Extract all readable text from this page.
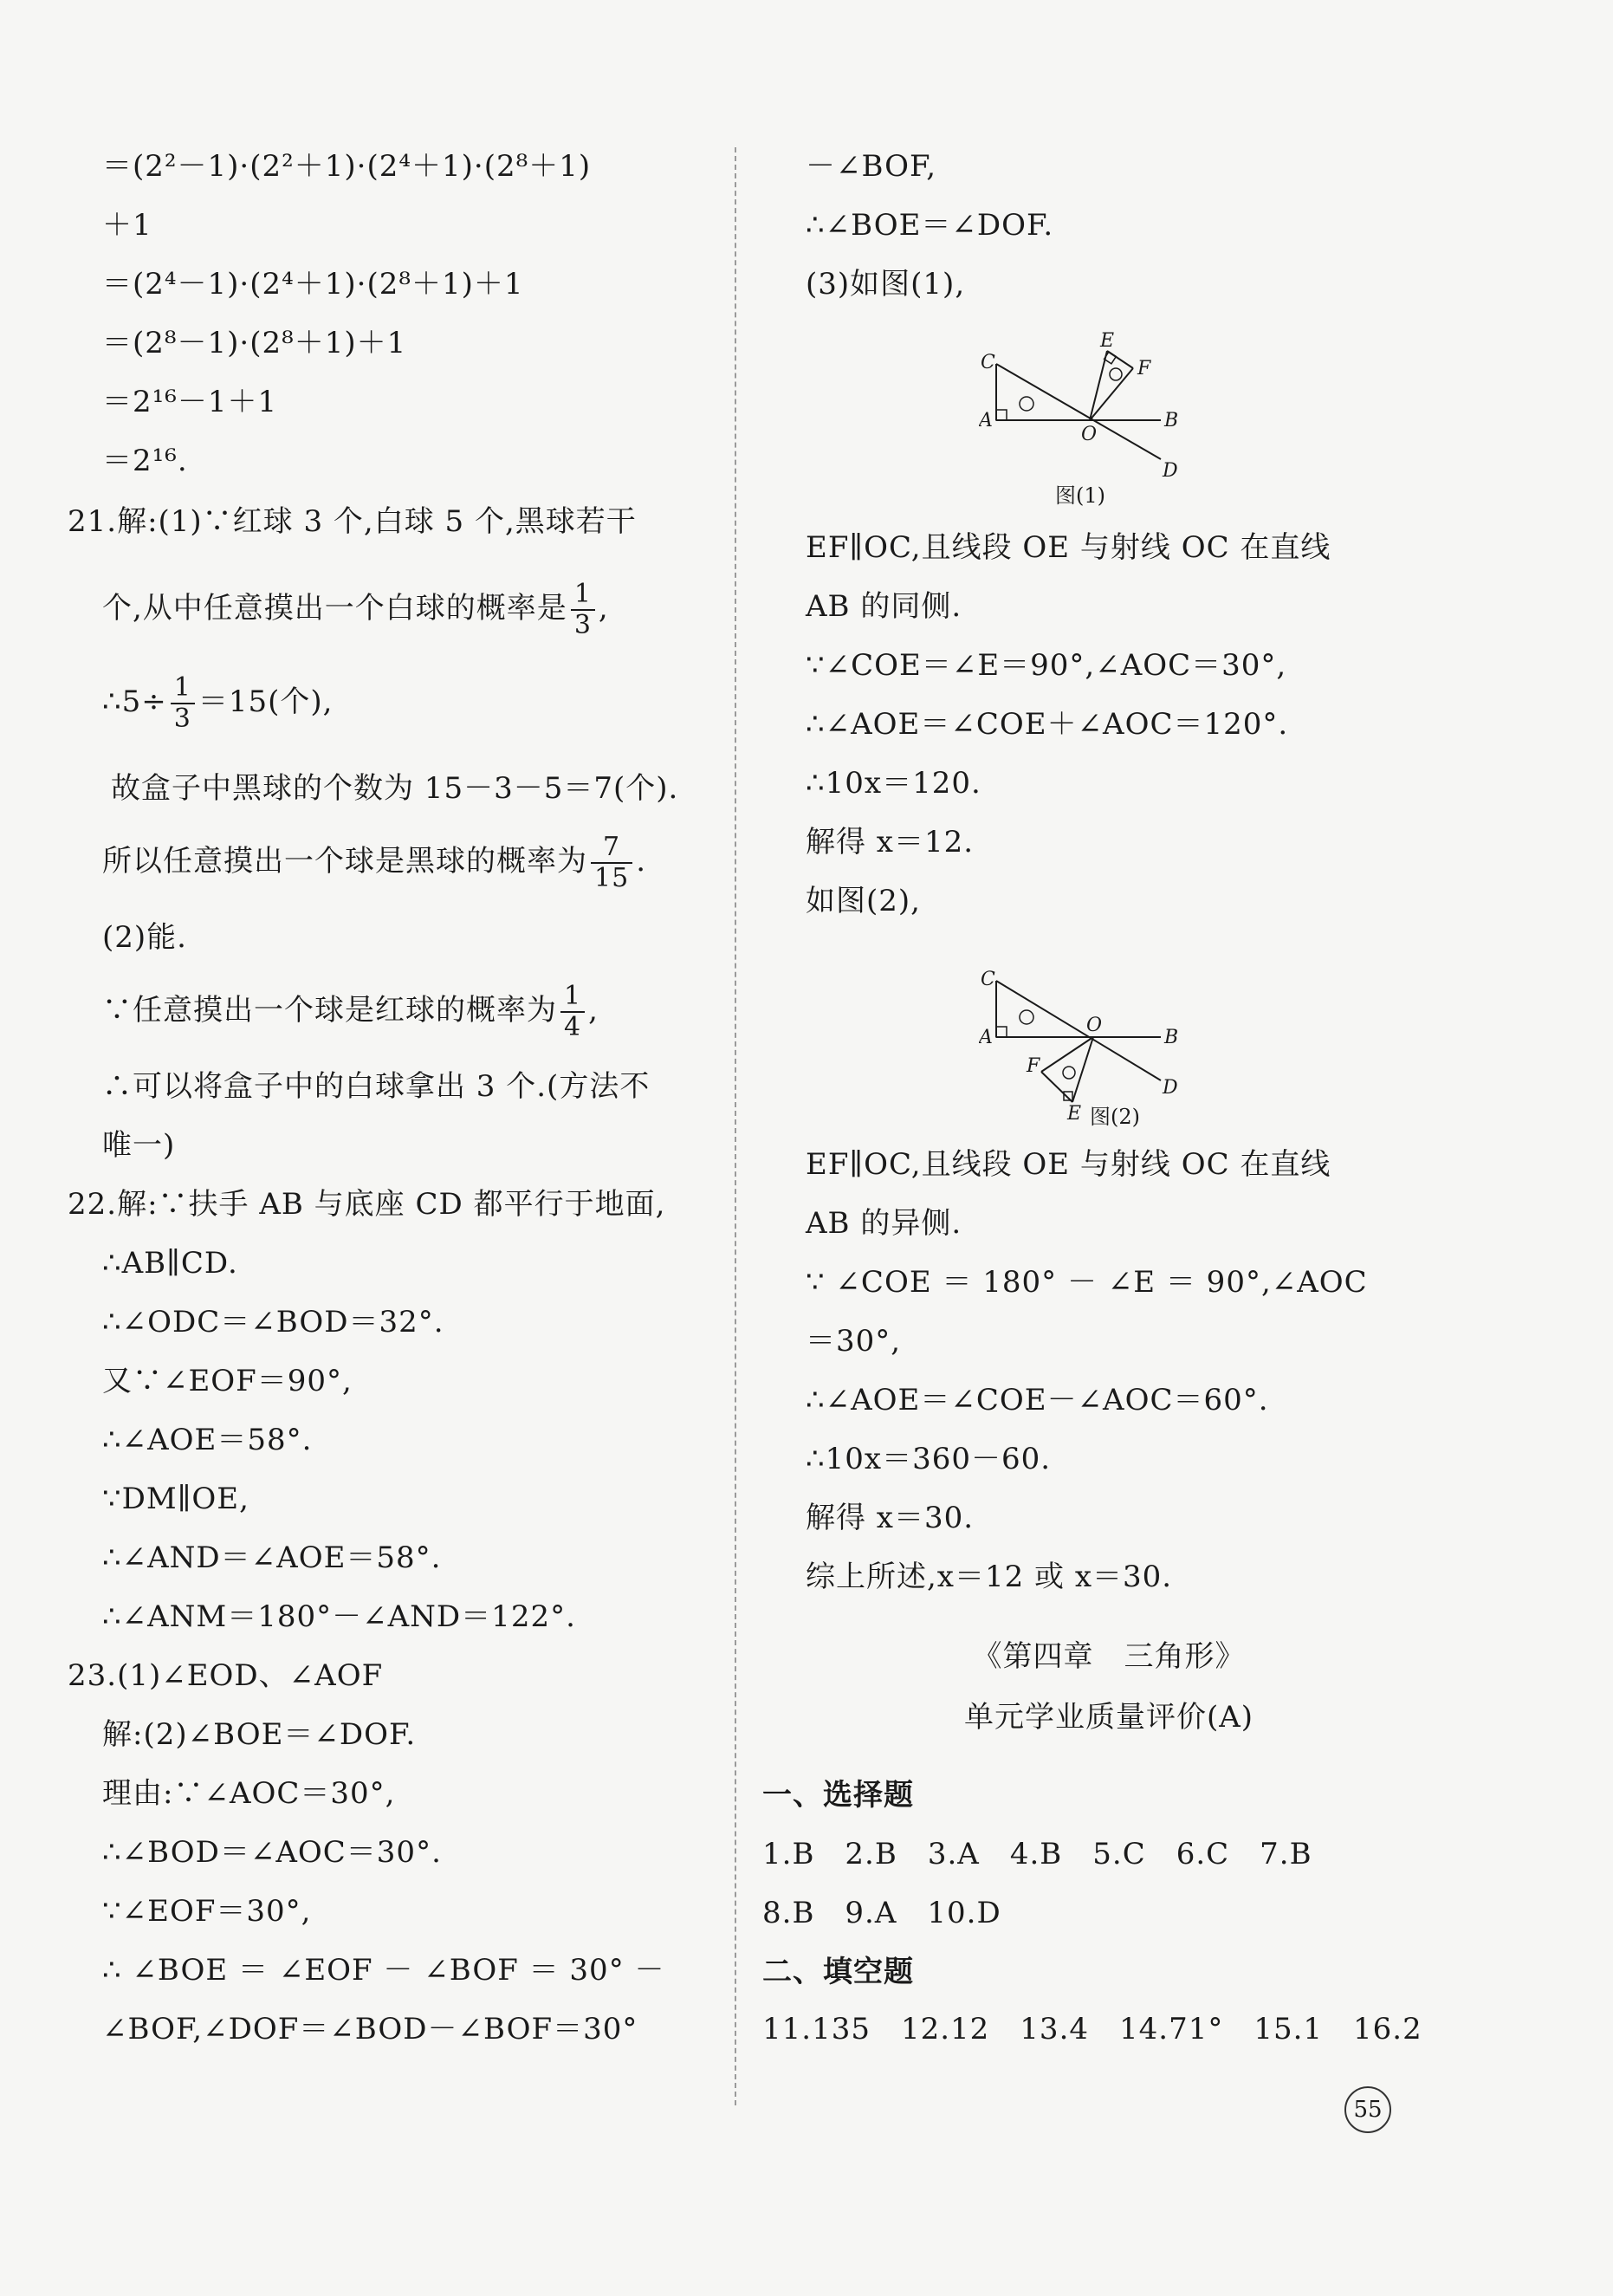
＝(2²－1)·(2²＋1)·(2⁴＋1)·(2⁸＋1)
＋1
＝(2⁴－1)·(2⁴＋1)·(2⁸＋1)＋1
＝(2⁸－1)·(2⁸＋1)＋1
＝2¹⁶－1＋1
＝2¹⁶.
21.解:(1)∵红球 3 个,白球 5 个,黑球若干
个,从中任意摸出一个白球的概率是 $\frac{1}{3}$ ,
∴5÷ $\frac{1}{3} =15$(个),
故盒子中黑球的个数为 15－3－5＝7(个).
所以任意摸出一个球是黑球的概率为 $\frac{7}{15}$ .
(2)能.
∵任意摸出一个球是红球的概率为 $\frac{1}{4}$ ,
∴可以将盒子中的白球拿出 3 个.(方法不
唯一)
22.解:∵扶手 AB 与底座 CD 都平行于地面,
∴AB∥CD.
∴∠ODC＝∠BOD＝32°.
又∵∠EOF＝90°,
∴∠AOE＝58°.
∵DM∥OE,
∴∠AND＝∠AOE＝58°.
∴∠ANM＝180°－∠AND＝122°.
23.(1)∠EOD、∠AOF
解:(2)∠BOE＝∠DOF.
理由:∵∠AOC＝30°,
∴∠BOD＝∠AOC＝30°.
∵∠EOF＝30°,
∴ ∠BOE ＝ ∠EOF － ∠BOF ＝ 30° －
∠BOF,∠DOF＝∠BOD－∠BOF＝30°
－∠BOF,
∴∠BOE＝∠DOF.
(3)如图(1),
C
A
O
B
D
E
F
图(1)
EF∥OC,且线段 OE 与射线 OC 在直线
AB 的同侧.
∵∠COE＝∠E＝90°,∠AOC＝30°,
∴∠AOE＝∠COE＋∠AOC＝120°.
∴10x＝120.
解得 x＝12.
如图(2),
C
A
O
B
D
E
F
图(2)
EF∥OC,且线段 OE 与射线 OC 在直线
AB 的异侧.
∵ ∠COE ＝ 180° － ∠E ＝ 90°,∠AOC
＝30°,
∴∠AOE＝∠COE－∠AOC＝60°.
∴10x＝360－60.
解得 x＝30.
综上所述,x＝12 或 x＝30.
《第四章　三角形》
单元学业质量评价(A)
一、选择题
1.B　2.B　3.A　4.B　5.C　6.C　7.B
8.B　9.A　10.D
二、填空题
11.135　12.12　13.4　14.71°　15.1　16.2
55
